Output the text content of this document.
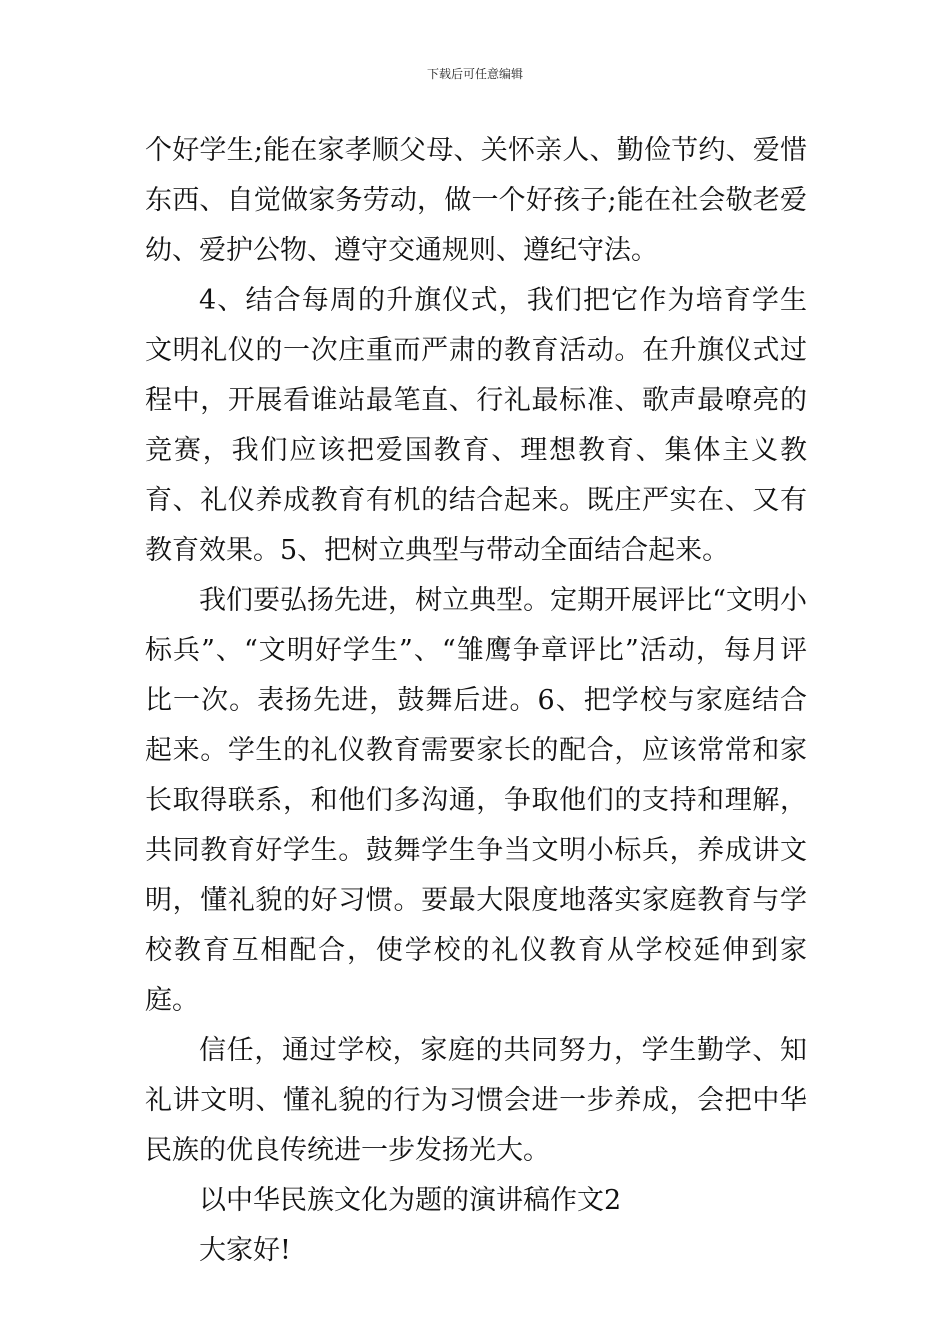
下载后可任意编辑

个好学生;能在家孝顺父母、关怀亲人、勤俭节约、爱惜东西、自觉做家务劳动，做一个好孩子;能在社会敬老爱幼、爱护公物、遵守交通规则、遵纪守法。

4、结合每周的升旗仪式，我们把它作为培育学生文明礼仪的一次庄重而严肃的教育活动。在升旗仪式过程中，开展看谁站最笔直、行礼最标准、歌声最嘹亮的竞赛，我们应该把爱国教育、理想教育、集体主义教育、礼仪养成教育有机的结合起来。既庄严实在、又有教育效果。5、把树立典型与带动全面结合起来。

我们要弘扬先进，树立典型。定期开展评比“文明小标兵”、“文明好学生”、“雏鹰争章评比”活动，每月评比一次。表扬先进，鼓舞后进。6、把学校与家庭结合起来。学生的礼仪教育需要家长的配合，应该常常和家长取得联系，和他们多沟通，争取他们的支持和理解，共同教育好学生。鼓舞学生争当文明小标兵，养成讲文明，懂礼貌的好习惯。要最大限度地落实家庭教育与学校教育互相配合，使学校的礼仪教育从学校延伸到家庭。

信任，通过学校，家庭的共同努力，学生勤学、知礼讲文明、懂礼貌的行为习惯会进一步养成，会把中华民族的优良传统进一步发扬光大。

以中华民族文化为题的演讲稿作文2

大家好!
